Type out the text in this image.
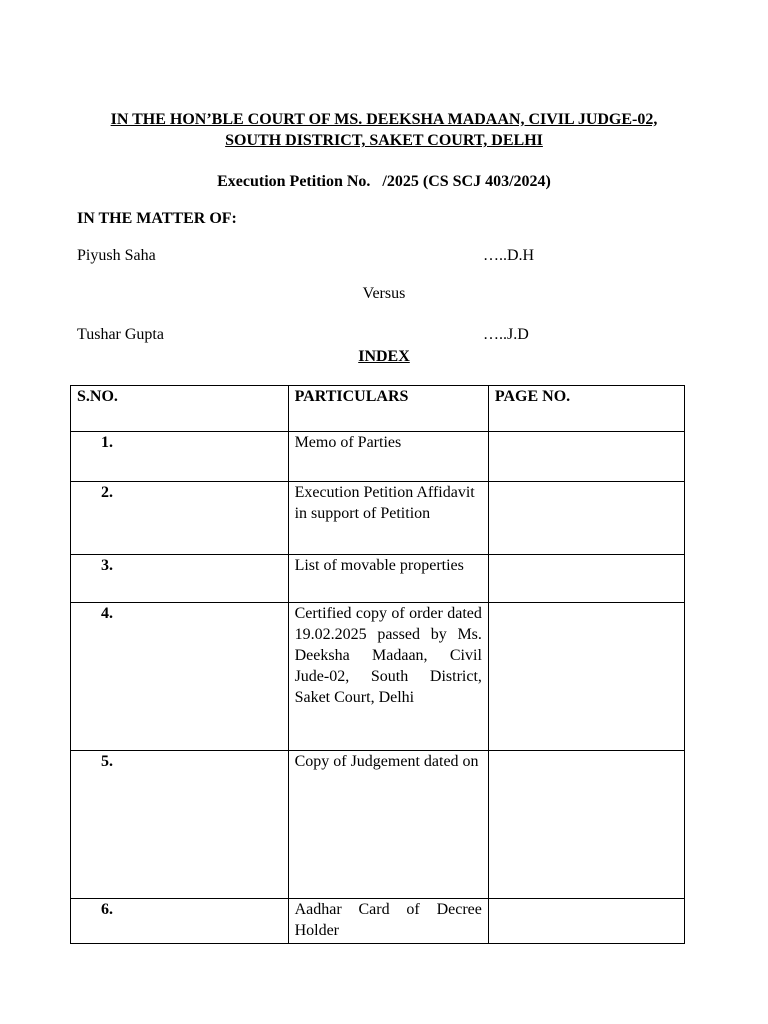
IN THE HON’BLE COURT OF MS. DEEKSHA MADAAN, CIVIL JUDGE-02,
SOUTH DISTRICT, SAKET COURT, DELHI
Execution Petition No.   /2025 (CS SCJ 403/2024)
IN THE MATTER OF:
Piyush Saha	…..D.H
Versus
Tushar Gupta	…..J.D
INDEX
S.NO.	PARTICULARS	PAGE NO.
1.	Memo of Parties	
2.	Execution Petition Affidavit in support of Petition	
3.	List of movable properties	
4.	Certified copy of order dated 19.02.2025 passed by Ms. Deeksha Madaan, Civil Jude-02, South District, Saket Court, Delhi	
5.	Copy of Judgement dated on	
6.	Aadhar Card of Decree Holder	
